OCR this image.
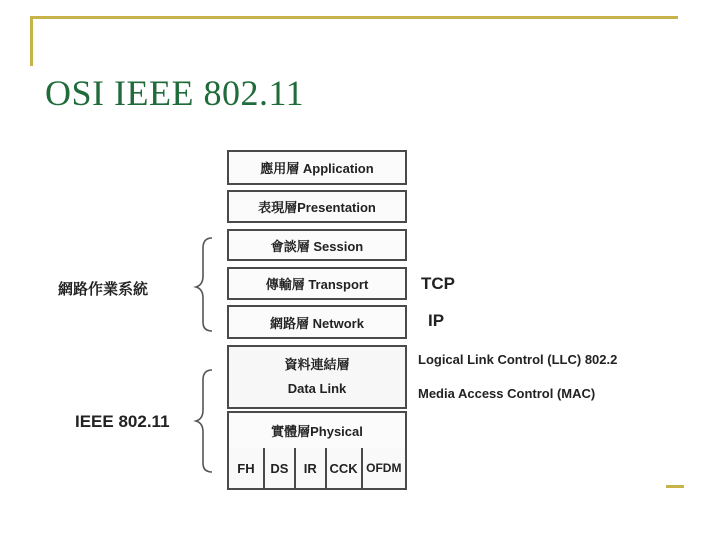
OSI IEEE 802.11
應用層 Application
表現層Presentation
會談層 Session
傳輸層 Transport
網路層 Network
資料連結層
Data Link
實體層Physical
FH	DS	IR CCK OFDM
網路作業系統
IEEE 802.11
TCP
IP
Logical Link Control (LLC) 802.2
Media Access Control (MAC)
